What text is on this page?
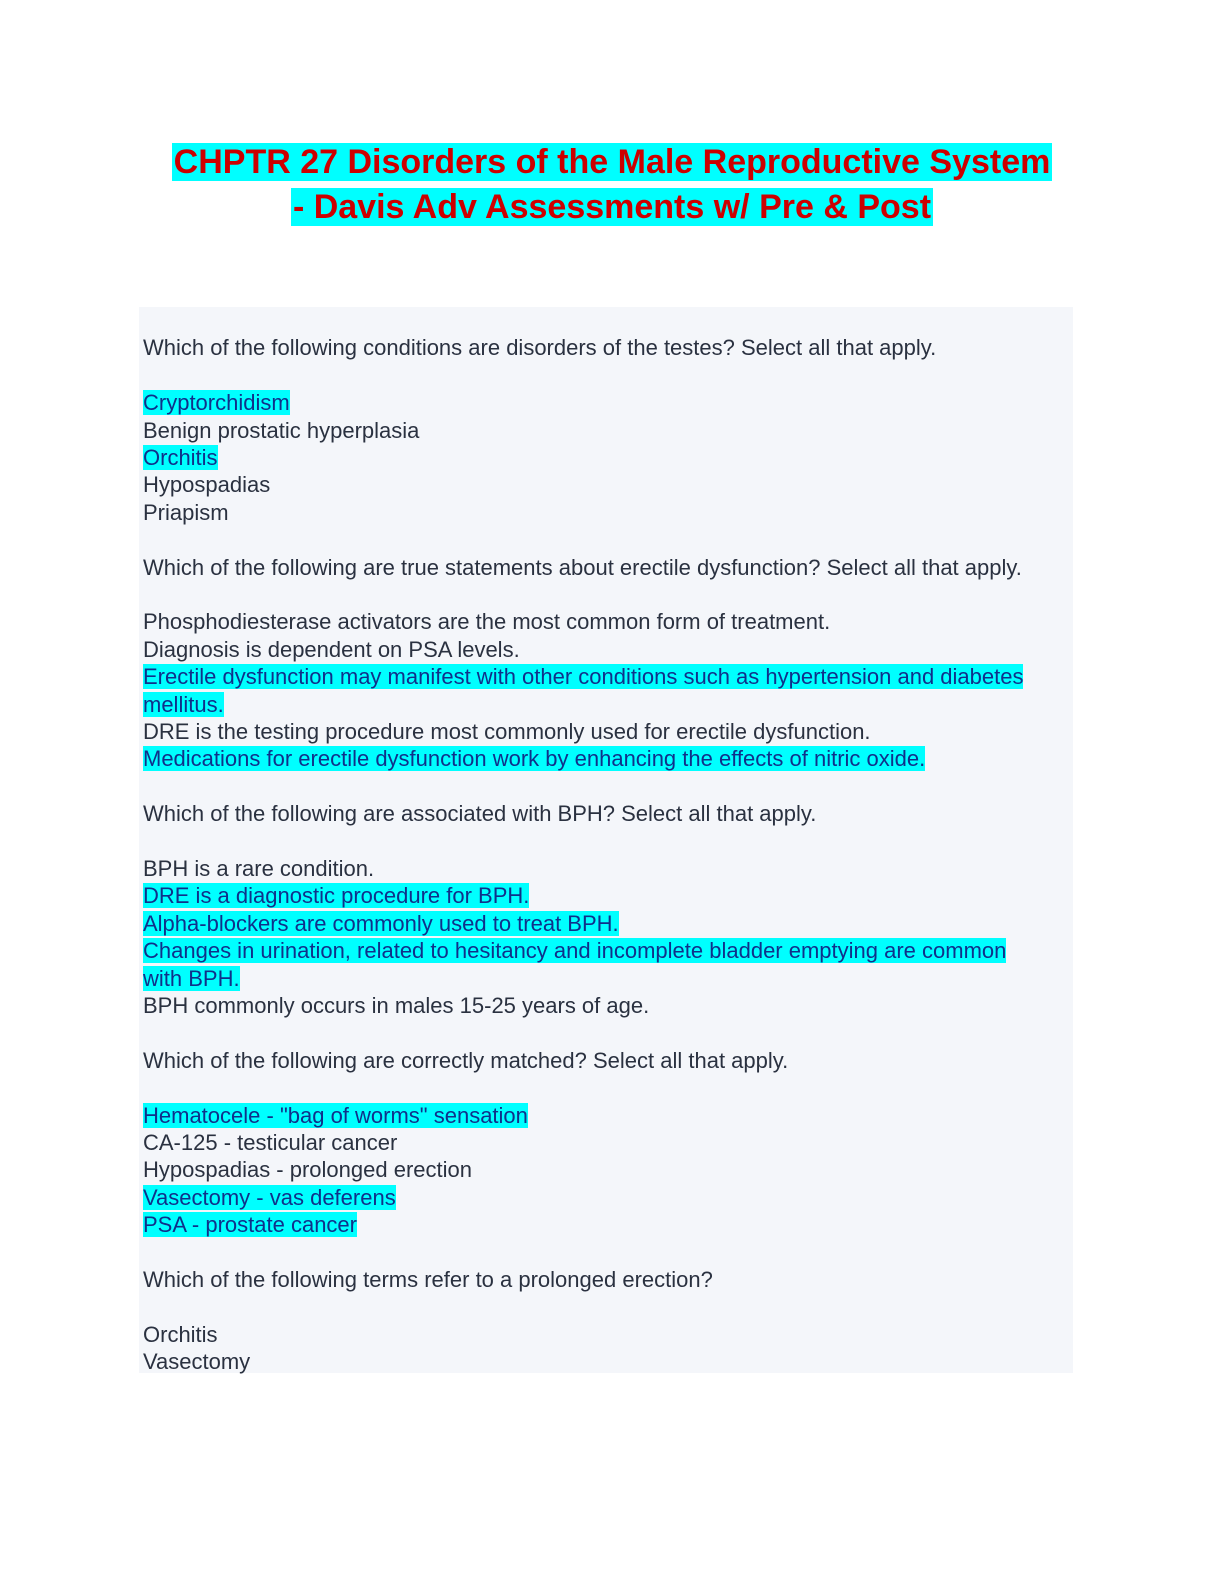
CHPTR 27 Disorders of the Male Reproductive System
- Davis Adv Assessments w/ Pre & Post
Which of the following conditions are disorders of the testes? Select all that apply.
Cryptorchidism
Benign prostatic hyperplasia
Orchitis
Hypospadias
Priapism
Which of the following are true statements about erectile dysfunction? Select all that apply.
Phosphodiesterase activators are the most common form of treatment.
Diagnosis is dependent on PSA levels.
Erectile dysfunction may manifest with other conditions such as hypertension and diabetes mellitus.
DRE is the testing procedure most commonly used for erectile dysfunction.
Medications for erectile dysfunction work by enhancing the effects of nitric oxide.
Which of the following are associated with BPH? Select all that apply.
BPH is a rare condition.
DRE is a diagnostic procedure for BPH.
Alpha-blockers are commonly used to treat BPH.
Changes in urination, related to hesitancy and incomplete bladder emptying are common with BPH.
BPH commonly occurs in males 15-25 years of age.
Which of the following are correctly matched? Select all that apply.
Hematocele - "bag of worms" sensation
CA-125 - testicular cancer
Hypospadias - prolonged erection
Vasectomy - vas deferens
PSA - prostate cancer
Which of the following terms refer to a prolonged erection?
Orchitis
Vasectomy
